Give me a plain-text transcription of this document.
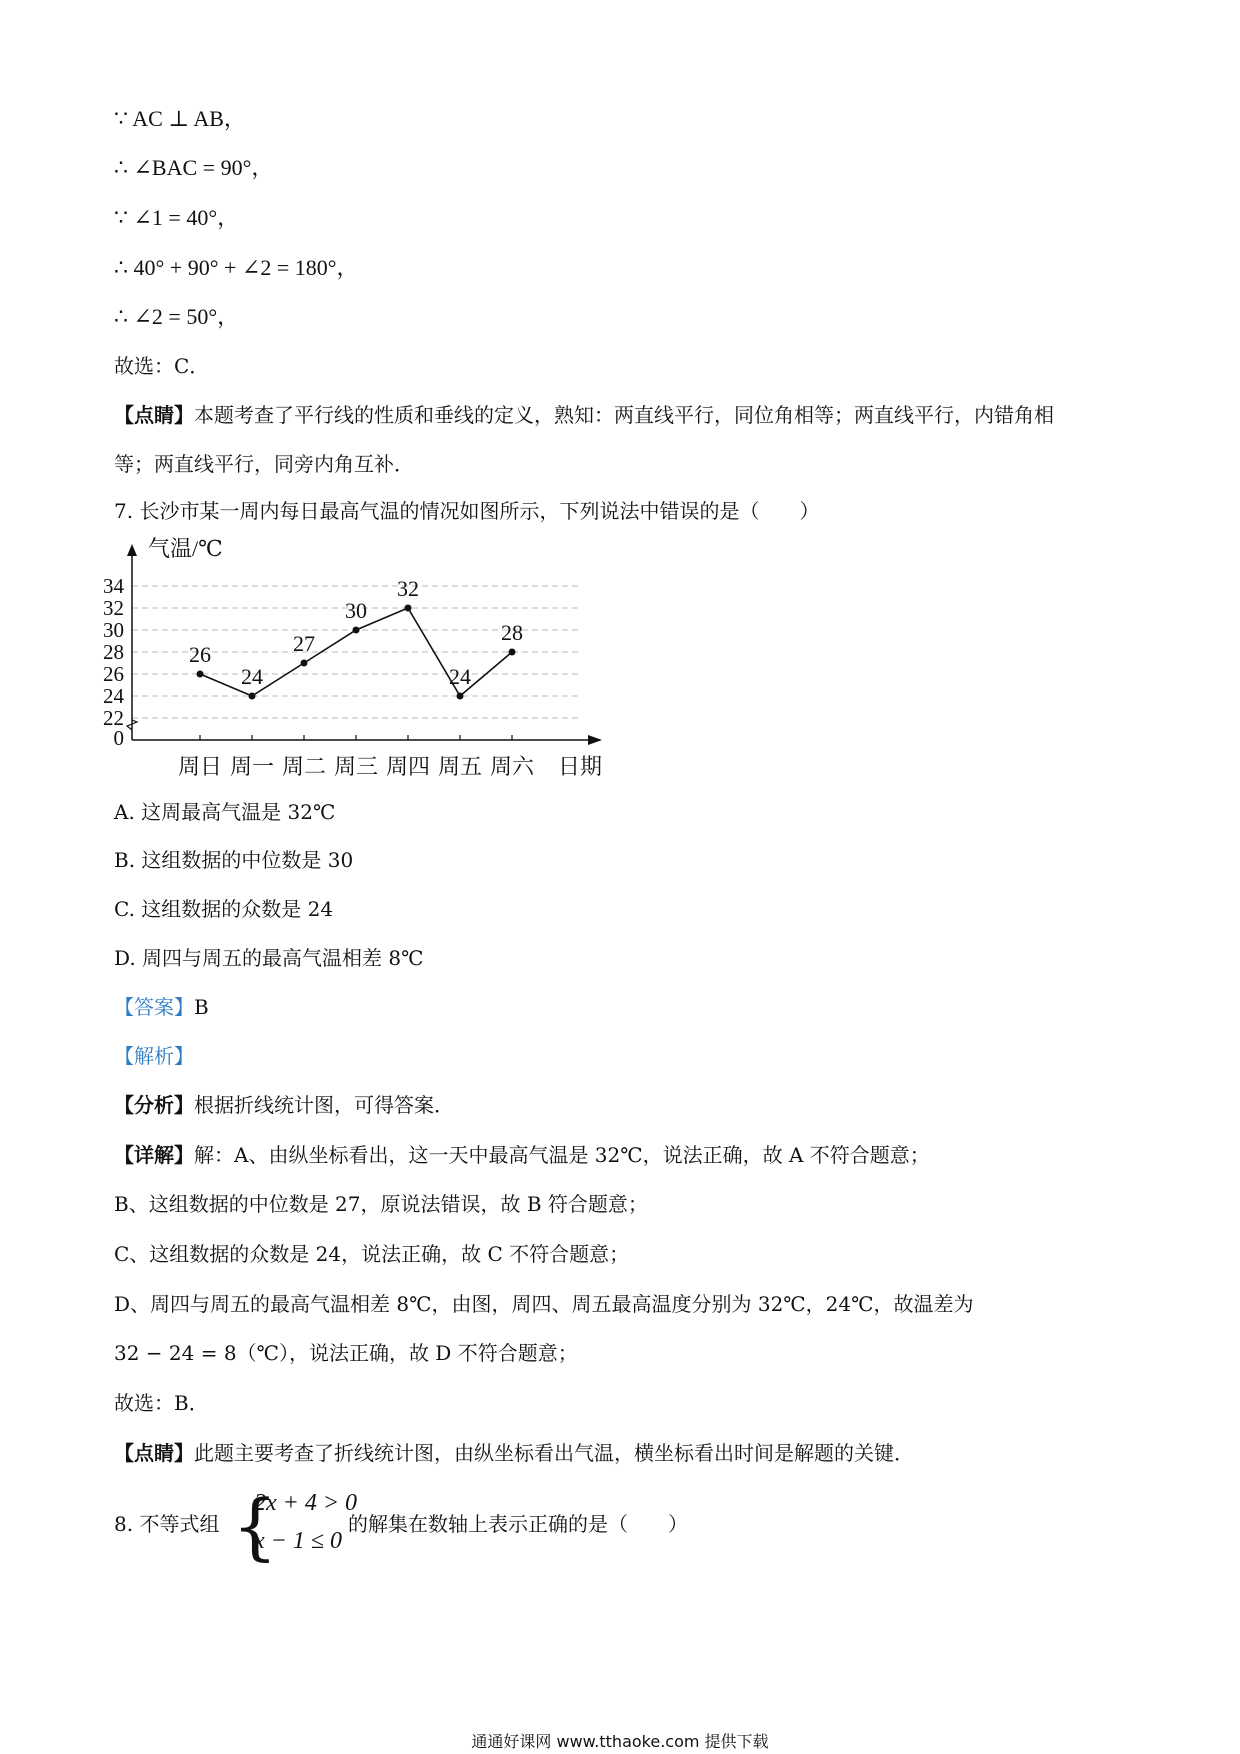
∵ AC ⊥ AB，
∴ ∠BAC = 90°，
∵ ∠1 = 40°，
∴ 40° + 90° + ∠2 = 180°，
∴ ∠2 = 50°，
故选：C．
【点睛】本题考查了平行线的性质和垂线的定义，熟知：两直线平行，同位角相等；两直线平行，内错角相
等；两直线平行，同旁内角互补．
7. 长沙市某一周内每日最高气温的情况如图所示，下列说法中错误的是（　　）
0
22
24
26
28
30
32
34
周日 周一 周二 周三 周四 周五 周六
26
24
27
30
32
24
28
气温/℃
日期
A. 这周最高气温是 32℃
B. 这组数据的中位数是 30
C. 这组数据的众数是 24
D. 周四与周五的最高气温相差 8℃
【答案】B
【解析】
【分析】根据折线统计图，可得答案．
【详解】解：A、由纵坐标看出，这一天中最高气温是 32℃，说法正确，故 A 不符合题意；
B、这组数据的中位数是 27，原说法错误，故 B 符合题意；
C、这组数据的众数是 24，说法正确，故 C 不符合题意；
D、周四与周五的最高气温相差 8℃，由图，周四、周五最高温度分别为 32℃，24℃，故温差为
32 − 24 = 8（℃），说法正确，故 D 不符合题意；
故选：B．
【点睛】此题主要考查了折线统计图，由纵坐标看出气温，横坐标看出时间是解题的关键．
8. 不等式组 {
2x + 4 > 0
x − 1 ≤ 0
的解集在数轴上表示正确的是（　　）
通通好课网 www.tthaoke.com 提供下载
